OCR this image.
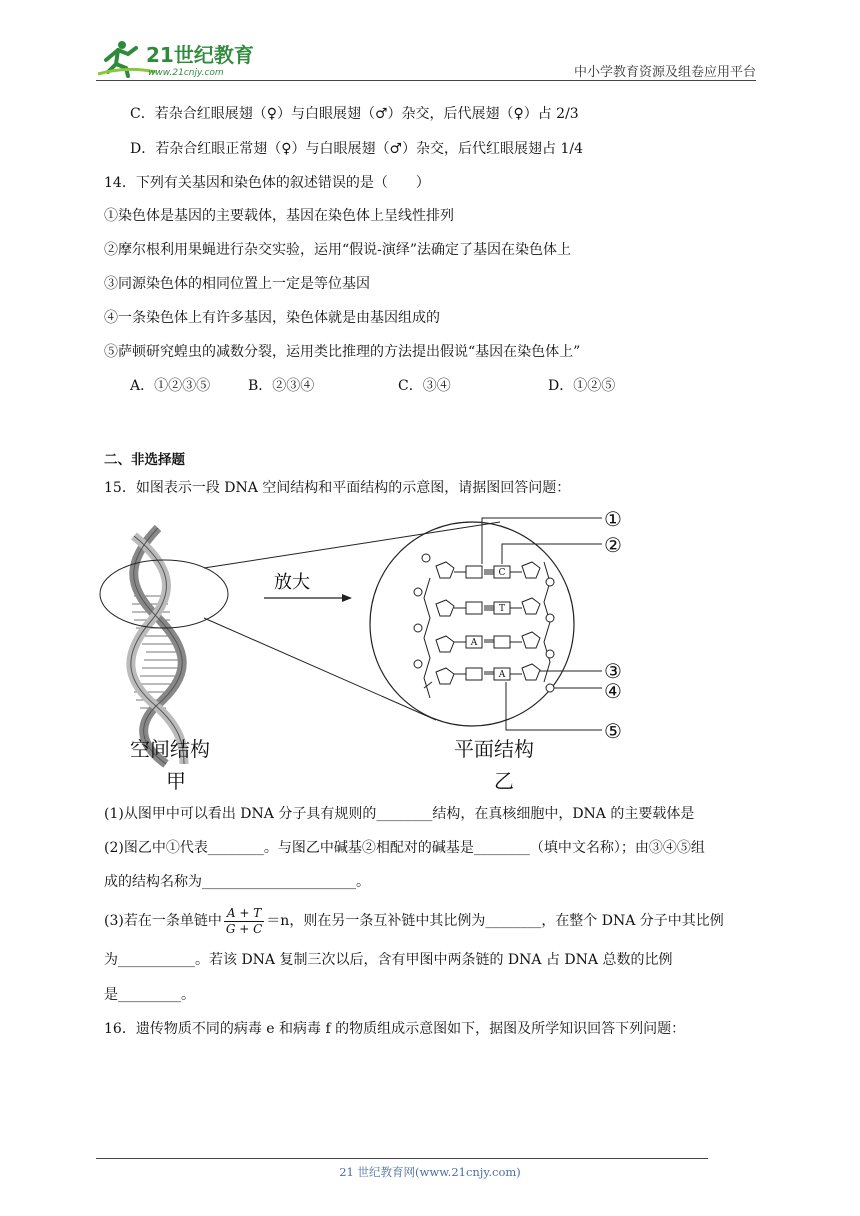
21世纪教育
www.21cnjy.com	中小学教育资源及组卷应用平台
C．若杂合红眼展翅（♀）与白眼展翅（♂）杂交，后代展翅（♀）占 2/3
D．若杂合红眼正常翅（♀）与白眼展翅（♂）杂交，后代红眼展翅占 1/4
14．下列有关基因和染色体的叙述错误的是（　　）
①染色体是基因的主要载体，基因在染色体上呈线性排列
②摩尔根利用果蝇进行杂交实验，运用“假说-演绎”法确定了基因在染色体上
③同源染色体的相同位置上一定是等位基因
④一条染色体上有许多基因，染色体就是由基因组成的
⑤萨顿研究蝗虫的减数分裂，运用类比推理的方法提出假说“基因在染色体上”
A．①②③⑤	B．②③④	C．③④	D．①②⑤
二、非选择题
15．如图表示一段 DNA 空间结构和平面结构的示意图，请据图回答问题：
放大	C
T
A
A
①
②
③
④
⑤
空间结构
甲
平面结构
乙
(1)从图甲中可以看出 DNA 分子具有规则的________结构，在真核细胞中，DNA 的主要载体是
(2)图乙中①代表________。与图乙中碱基②相配对的碱基是________（填中文名称）；由③④⑤组
成的结构名称为______________________。
(3)若在一条单链中 $\frac{A + T}{G + C} =n$，则在另一条互补链中其比例为________，在整个 DNA 分子中其比例
为___________。若该 DNA 复制三次以后，含有甲图中两条链的 DNA 占 DNA 总数的比例
是_________。
16．遗传物质不同的病毒 e 和病毒 f 的物质组成示意图如下，据图及所学知识回答下列问题：
21 世纪教育网(www.21cnjy.com)
